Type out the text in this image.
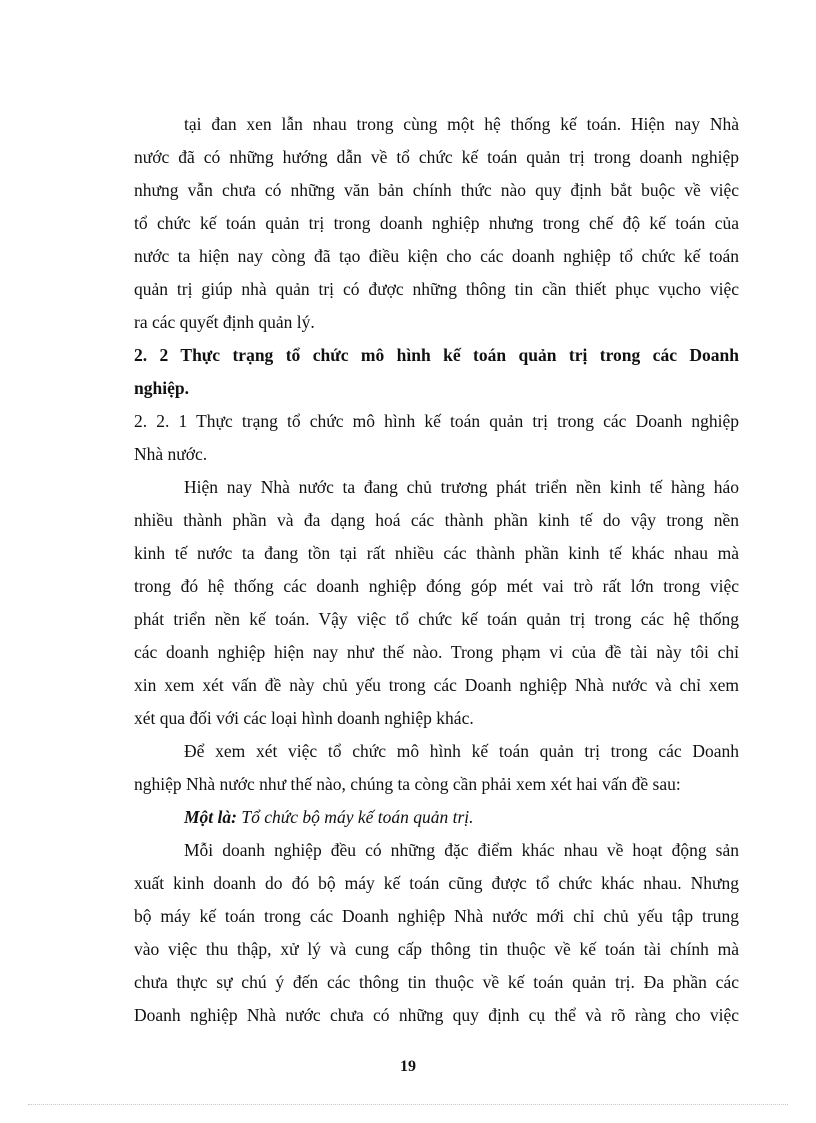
tại đan xen lẫn nhau trong cùng một hệ thống kế toán. Hiện nay Nhà
nước đã có những hướng dẫn về tổ chức kế toán quản trị trong doanh nghiệp
nhưng vẫn chưa có những văn bản chính thức nào quy định bắt buộc về việc
tổ chức kế toán quản trị trong doanh nghiệp nhưng trong chế độ kế toán của
nước ta hiện nay còng đã tạo điều kiện cho các doanh nghiệp tổ chức kế toán
quản trị giúp nhà quản trị có được những thông tin cần thiết phục vụcho việc
ra các quyết định quản lý.
2. 2 Thực trạng tổ chức mô hình kế toán quản trị trong các Doanh
nghiệp.
2. 2. 1 Thực trạng tổ chức mô hình kế toán quản trị trong các Doanh nghiệp
Nhà nước.
Hiện nay Nhà nước ta đang chủ trương phát triển nền kinh tế hàng háo
nhiều thành phần và đa dạng hoá các thành phần kinh tế do vậy trong nền
kinh tế nước ta đang tồn tại rất nhiều các thành phần kinh tế khác nhau mà
trong đó hệ thống các doanh nghiệp đóng góp mét vai trò rất lớn trong việc
phát triển nền kế toán. Vậy việc tổ chức kế toán quản trị trong các hệ thống
các doanh nghiệp hiện nay như thế nào. Trong phạm vi của đề tài này tôi chỉ
xin xem xét vấn đề này chủ yếu trong các Doanh nghiệp Nhà nước và chỉ xem
xét qua đối với các loại hình doanh nghiệp khác.
Để xem xét việc tổ chức mô hình kế toán quản trị trong các Doanh
nghiệp Nhà nước như thế nào, chúng ta còng cần phải xem xét hai vấn đề sau:
Một là: Tổ chức bộ máy kế toán quản trị.
Mỗi doanh nghiệp đều có những đặc điểm khác nhau về hoạt động sản
xuất kinh doanh do đó bộ máy kế toán cũng được tổ chức khác nhau. Nhưng
bộ máy kế toán trong các Doanh nghiệp Nhà nước mới chỉ chủ yếu tập trung
vào việc thu thập, xử lý và cung cấp thông tin thuộc về kế toán tài chính mà
chưa thực sự chú ý đến các thông tin thuộc về kế toán quản trị. Đa phần các
Doanh nghiệp Nhà nước chưa có những quy định cụ thể và rõ ràng cho việc
19
